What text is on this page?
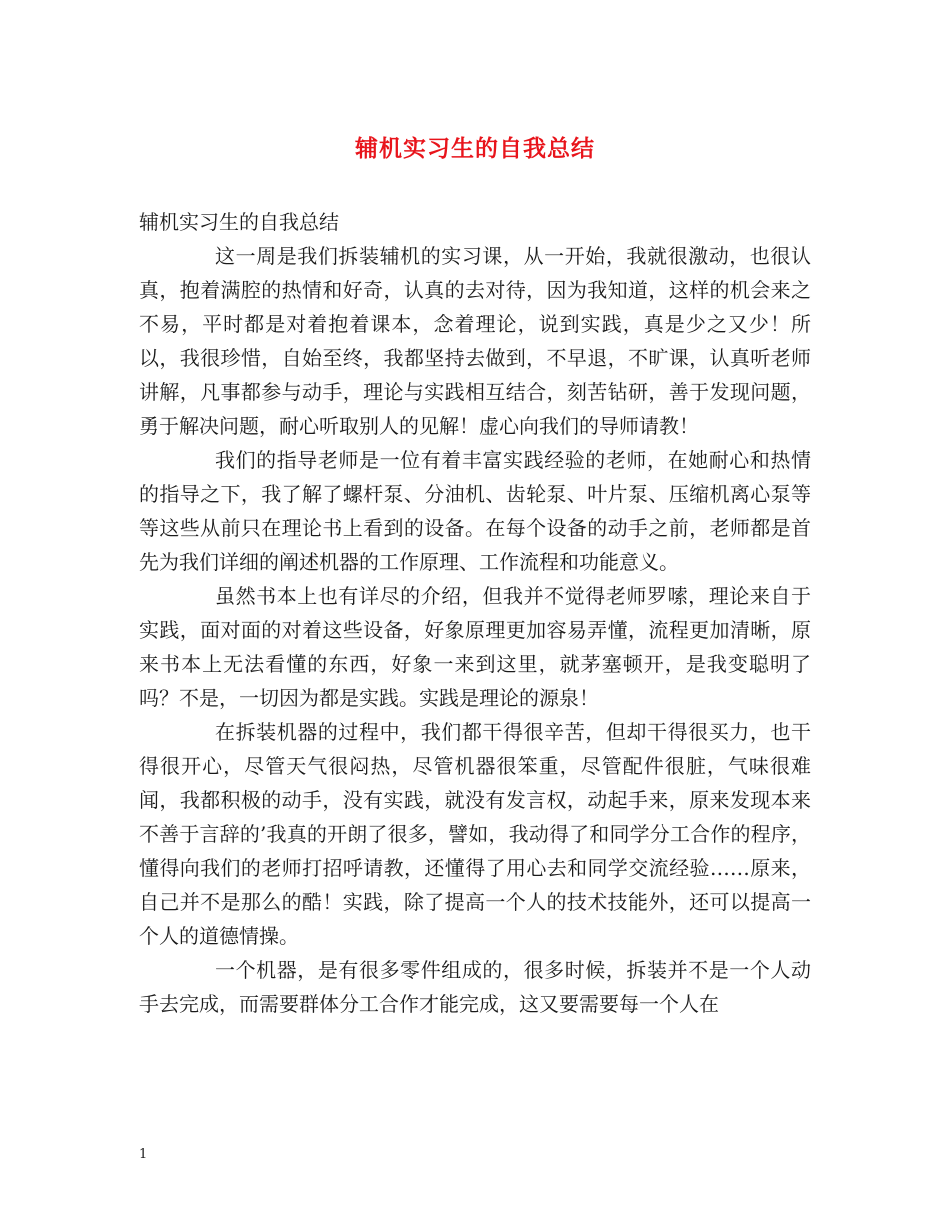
辅机实习生的自我总结

辅机实习生的自我总结

这一周是我们拆装辅机的实习课，从一开始，我就很激动，也很认真，抱着满腔的热情和好奇，认真的去对待，因为我知道，这样的机会来之不易，平时都是对着抱着课本，念着理论，说到实践，真是少之又少！所以，我很珍惜，自始至终，我都坚持去做到，不早退，不旷课，认真听老师讲解，凡事都参与动手，理论与实践相互结合，刻苦钻研，善于发现问题，勇于解决问题，耐心听取别人的见解！虚心向我们的导师请教！

我们的指导老师是一位有着丰富实践经验的老师，在她耐心和热情的指导之下，我了解了螺杆泵、分油机、齿轮泵、叶片泵、压缩机离心泵等等这些从前只在理论书上看到的设备。在每个设备的动手之前，老师都是首先为我们详细的阐述机器的工作原理、工作流程和功能意义。

虽然书本上也有详尽的介绍，但我并不觉得老师罗嗦，理论来自于实践，面对面的对着这些设备，好象原理更加容易弄懂，流程更加清晰，原来书本上无法看懂的东西，好象一来到这里，就茅塞顿开，是我变聪明了吗？不是，一切因为都是实践。实践是理论的源泉！

在拆装机器的过程中，我们都干得很辛苦，但却干得很买力，也干得很开心，尽管天气很闷热，尽管机器很笨重，尽管配件很脏，气味很难闻，我都积极的动手，没有实践，就没有发言权，动起手来，原来发现本来不善于言辞的’我真的开朗了很多，譬如，我动得了和同学分工合作的程序，懂得向我们的老师打招呼请教，还懂得了用心去和同学交流经验……原来，自己并不是那么的酷！实践，除了提高一个人的技术技能外，还可以提高一个人的道德情操。

一个机器，是有很多零件组成的，很多时候，拆装并不是一个人动手去完成，而需要群体分工合作才能完成，这又要需要每一个人在

1
